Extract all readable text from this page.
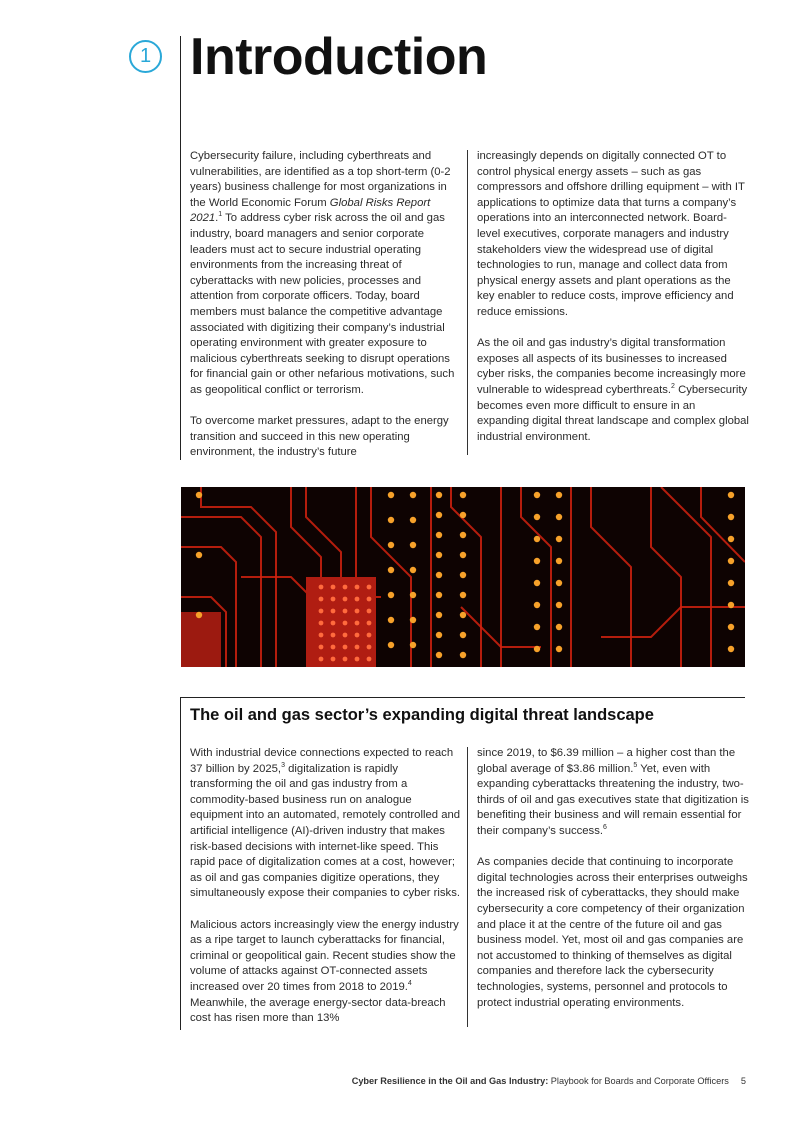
1 Introduction

Cybersecurity failure, including cyberthreats and vulnerabilities, are identified as a top short-term (0-2 years) business challenge for most organizations in the World Economic Forum Global Risks Report 2021.$^1$ To address cyber risk across the oil and gas industry, board managers and senior corporate leaders must act to secure industrial operating environments from the increasing threat of cyberattacks with new policies, processes and attention from corporate officers. Today, board members must balance the competitive advantage associated with digitizing their company’s industrial operating environment with greater exposure to malicious cyberthreats seeking to disrupt operations for financial gain or other nefarious motivations, such as geopolitical conflict or terrorism.

To overcome market pressures, adapt to the energy transition and succeed in this new operating environment, the industry’s future

increasingly depends on digitally connected OT to control physical energy assets – such as gas compressors and offshore drilling equipment – with IT applications to optimize data that turns a company’s operations into an interconnected network. Board-level executives, corporate managers and industry stakeholders view the widespread use of digital technologies to run, manage and collect data from physical energy assets and plant operations as the key enabler to reduce costs, improve efficiency and reduce emissions.

As the oil and gas industry’s digital transformation exposes all aspects of its businesses to increased cyber risks, the companies become increasingly more vulnerable to widespread cyberthreats.$^2$ Cybersecurity becomes even more difficult to ensure in an expanding digital threat landscape and complex global industrial environment.

The oil and gas sector’s expanding digital threat landscape

With industrial device connections expected to reach 37 billion by 2025,$^3$ digitalization is rapidly transforming the oil and gas industry from a commodity-based business run on analogue equipment into an automated, remotely controlled and artificial intelligence (AI)-driven industry that makes risk-based decisions with internet-like speed. This rapid pace of digitalization comes at a cost, however; as oil and gas companies digitize operations, they simultaneously expose their companies to cyber risks.

Malicious actors increasingly view the energy industry as a ripe target to launch cyberattacks for financial, criminal or geopolitical gain. Recent studies show the volume of attacks against OT-connected assets increased over 20 times from 2018 to 2019.$^4$ Meanwhile, the average energy-sector data-breach cost has risen more than 13%

since 2019, to $6.39 million – a higher cost than the global average of $3.86 million.$^5$ Yet, even with expanding cyberattacks threatening the industry, two-thirds of oil and gas executives state that digitization is benefiting their business and will remain essential for their company’s success.$^6$

As companies decide that continuing to incorporate digital technologies across their enterprises outweighs the increased risk of cyberattacks, they should make cybersecurity a core competency of their organization and place it at the centre of the future oil and gas business model. Yet, most oil and gas companies are not accustomed to thinking of themselves as digital companies and therefore lack the cybersecurity technologies, systems, personnel and protocols to protect industrial operating environments.

Cyber Resilience in the Oil and Gas Industry: Playbook for Boards and Corporate Officers 5
